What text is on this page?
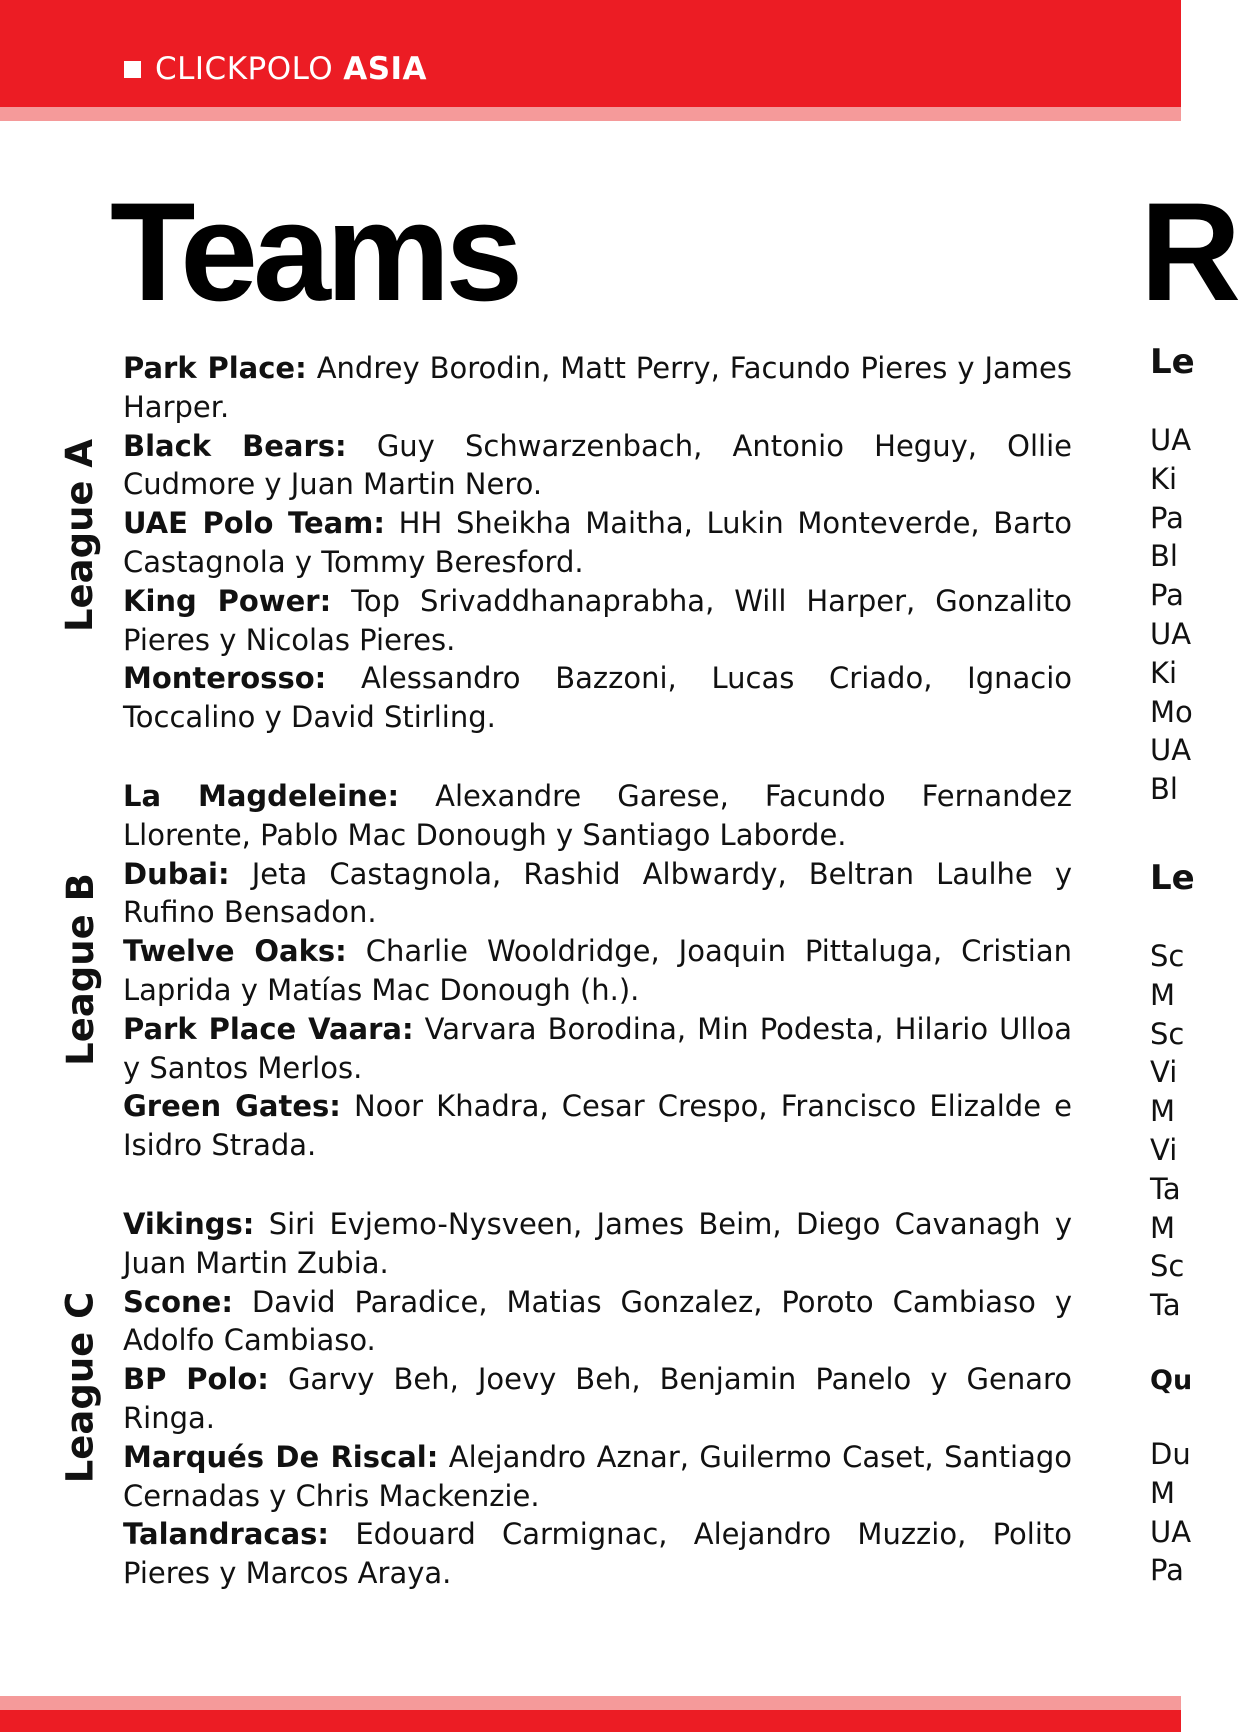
CLICKPOLO ASIA
Teams	R
League A

Park Place: Andrey Borodin, Matt Perry, Facundo Pieres y James Harper.

Black Bears: Guy Schwarzenbach, Antonio Heguy, Ollie Cudmore y Juan Martin Nero.

UAE Polo Team: HH Sheikha Maitha, Lukin Monteverde, Barto Castagnola y Tommy Beresford.

King Power: Top Srivaddhanaprabha, Will Harper, Gonzalito Pieres y Nicolas Pieres.

Monterosso: Alessandro Bazzoni, Lucas Criado, Ignacio Toccalino y David Stirling.

League B

La Magdeleine: Alexandre Garese, Facundo Fernandez Llorente, Pablo Mac Donough y Santiago Laborde.

Dubai: Jeta Castagnola, Rashid Albwardy, Beltran Laulhe y Rufino Bensadon.

Twelve Oaks: Charlie Wooldridge, Joaquin Pittaluga, Cristian Laprida y Matías Mac Donough (h.).

Park Place Vaara: Varvara Borodina, Min Podesta, Hilario Ulloa y Santos Merlos.

Green Gates: Noor Khadra, Cesar Crespo, Francisco Elizalde e Isidro Strada.

League C

Vikings: Siri Evjemo-Nysveen, James Beim, Diego Cavanagh y Juan Martin Zubia.

Scone: David Paradice, Matias Gonzalez, Poroto Cambiaso y Adolfo Cambiaso.

BP Polo: Garvy Beh, Joevy Beh, Benjamin Panelo y Genaro Ringa.

Marqués De Riscal: Alejandro Aznar, Guilermo Caset, Santiago Cernadas y Chris Mackenzie.

Talandracas: Edouard Carmignac, Alejandro Muzzio, Polito Pieres y Marcos Araya.

Le
UA
Ki
Pa
Bl
Pa
UA
Ki
Mo
UA
Bl
Le
Sc
M
Sc
Vi
M
Vi
Ta
M
Sc
Ta
Qu
Du
M
UA
Pa
